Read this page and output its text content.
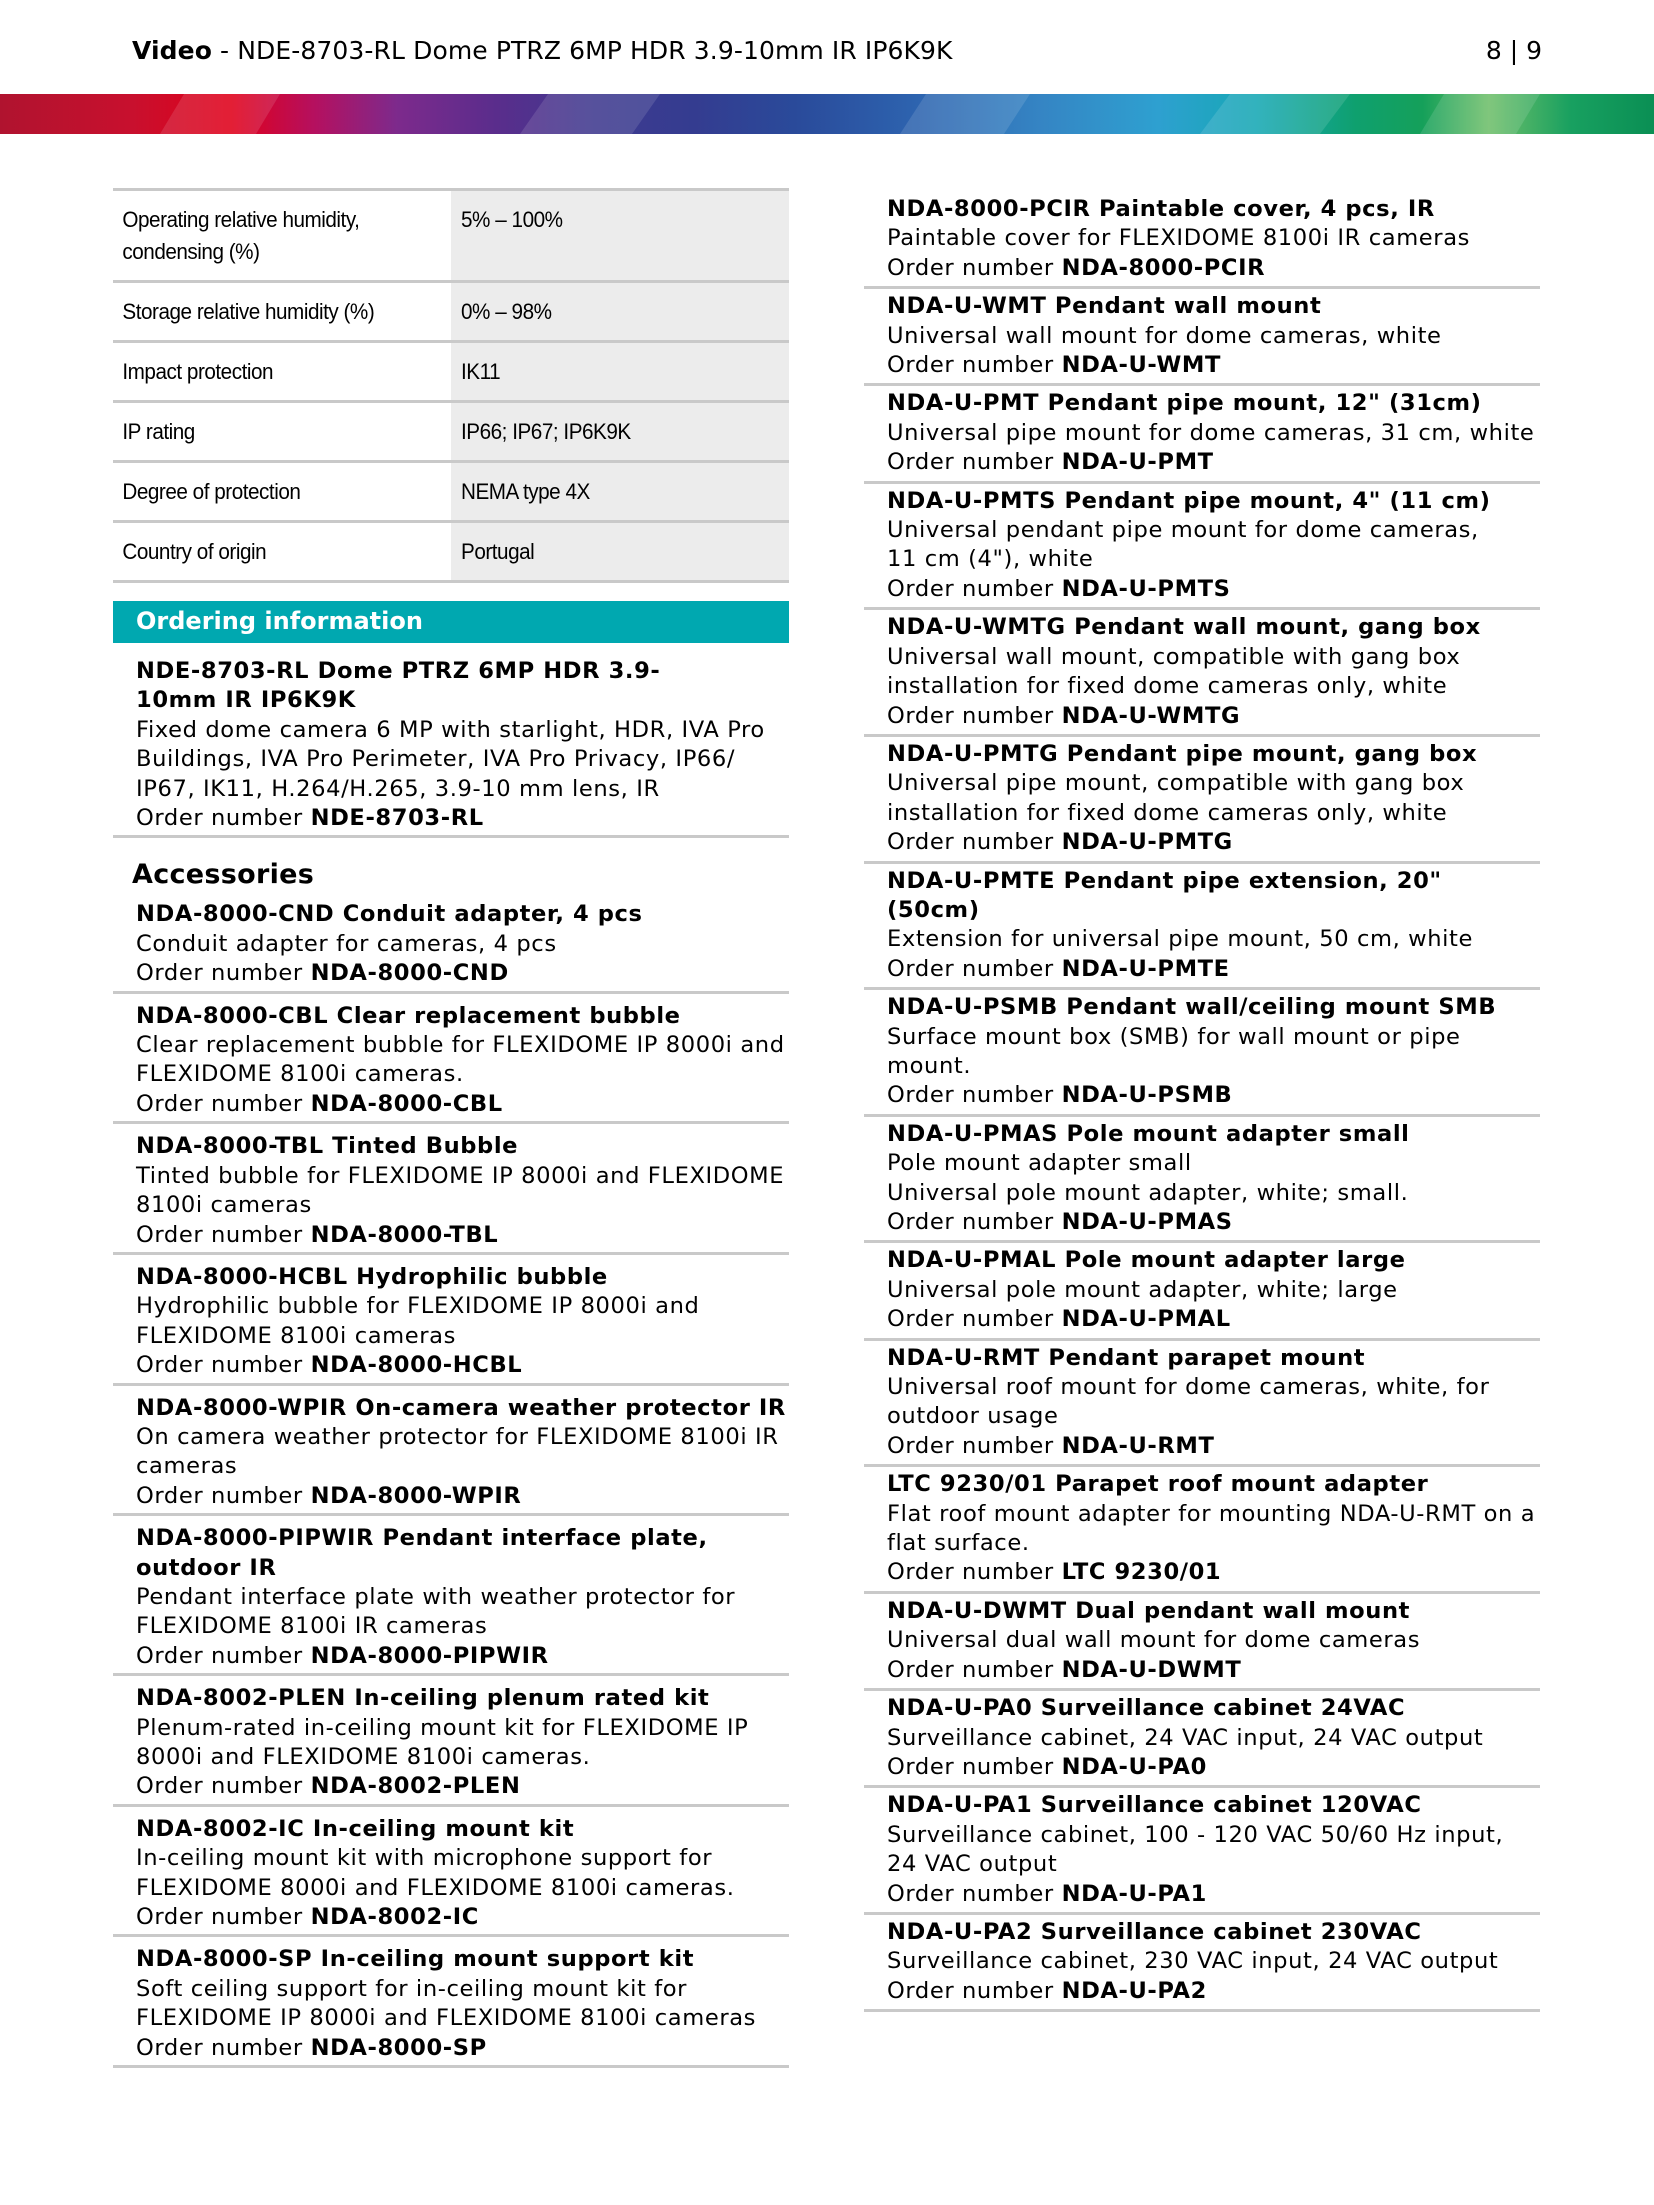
Video - NDE-8703-RL Dome PTRZ 6MP HDR 3.9-10mm IR IP6K9K	8 | 9
Operating relative humidity, condensing (%)	5% – 100%
Storage relative humidity (%)	0% – 98%
Impact protection	IK11
IP rating	IP66; IP67; IP6K9K
Degree of protection	NEMA type 4X
Country of origin	Portugal
Ordering information
NDE-8703-RL Dome PTRZ 6MP HDR 3.9-10mm IR IP6K9K
Fixed dome camera 6 MP with starlight, HDR, IVA Pro Buildings, IVA Pro Perimeter, IVA Pro Privacy, IP66/ IP67, IK11, H.264/H.265, 3.9-10 mm lens, IR
Order number NDE-8703-RL
Accessories
NDA-8000-CND Conduit adapter, 4 pcs
Conduit adapter for cameras, 4 pcs
Order number NDA-8000-CND
NDA-8000-CBL Clear replacement bubble
Clear replacement bubble for FLEXIDOME IP 8000i and
FLEXIDOME 8100i cameras.
Order number NDA-8000-CBL
NDA-8000-TBL Tinted Bubble
Tinted bubble for FLEXIDOME IP 8000i and FLEXIDOME
8100i cameras
Order number NDA-8000-TBL
NDA-8000-HCBL Hydrophilic bubble
Hydrophilic bubble for FLEXIDOME IP 8000i and
FLEXIDOME 8100i cameras
Order number NDA-8000-HCBL
NDA-8000-WPIR On-camera weather protector IR
On camera weather protector for FLEXIDOME 8100i IR
cameras
Order number NDA-8000-WPIR
NDA-8000-PIPWIR Pendant interface plate, outdoor IR
Pendant interface plate with weather protector for
FLEXIDOME 8100i IR cameras
Order number NDA-8000-PIPWIR
NDA-8002-PLEN In-ceiling plenum rated kit
Plenum-rated in-ceiling mount kit for FLEXIDOME IP
8000i and FLEXIDOME 8100i cameras.
Order number NDA-8002-PLEN
NDA-8002-IC In-ceiling mount kit
In-ceiling mount kit with microphone support for
FLEXIDOME 8000i and FLEXIDOME 8100i cameras.
Order number NDA-8002-IC
NDA-8000-SP In-ceiling mount support kit
Soft ceiling support for in-ceiling mount kit for
FLEXIDOME IP 8000i and FLEXIDOME 8100i cameras
Order number NDA-8000-SP
NDA-8000-PCIR Paintable cover, 4 pcs, IR
Paintable cover for FLEXIDOME 8100i IR cameras
Order number NDA-8000-PCIR
NDA-U-WMT Pendant wall mount
Universal wall mount for dome cameras, white
Order number NDA-U-WMT
NDA-U-PMT Pendant pipe mount, 12" (31cm)
Universal pipe mount for dome cameras, 31 cm, white
Order number NDA-U-PMT
NDA-U-PMTS Pendant pipe mount, 4" (11 cm)
Universal pendant pipe mount for dome cameras,
11 cm (4"), white
Order number NDA-U-PMTS
NDA-U-WMTG Pendant wall mount, gang box
Universal wall mount, compatible with gang box
installation for fixed dome cameras only, white
Order number NDA-U-WMTG
NDA-U-PMTG Pendant pipe mount, gang box
Universal pipe mount, compatible with gang box
installation for fixed dome cameras only, white
Order number NDA-U-PMTG
NDA-U-PMTE Pendant pipe extension, 20" (50cm)
Extension for universal pipe mount, 50 cm, white
Order number NDA-U-PMTE
NDA-U-PSMB Pendant wall/ceiling mount SMB
Surface mount box (SMB) for wall mount or pipe
mount.
Order number NDA-U-PSMB
NDA-U-PMAS Pole mount adapter small
Pole mount adapter small
Universal pole mount adapter, white; small.
Order number NDA-U-PMAS
NDA-U-PMAL Pole mount adapter large
Universal pole mount adapter, white; large
Order number NDA-U-PMAL
NDA-U-RMT Pendant parapet mount
Universal roof mount for dome cameras, white, for
outdoor usage
Order number NDA-U-RMT
LTC 9230/01 Parapet roof mount adapter
Flat roof mount adapter for mounting NDA-U-RMT on a
flat surface.
Order number LTC 9230/01
NDA-U-DWMT Dual pendant wall mount
Universal dual wall mount for dome cameras
Order number NDA-U-DWMT
NDA-U-PA0 Surveillance cabinet 24VAC
Surveillance cabinet, 24 VAC input, 24 VAC output
Order number NDA-U-PA0
NDA-U-PA1 Surveillance cabinet 120VAC
Surveillance cabinet, 100 - 120 VAC 50/60 Hz input,
24 VAC output
Order number NDA-U-PA1
NDA-U-PA2 Surveillance cabinet 230VAC
Surveillance cabinet, 230 VAC input, 24 VAC output
Order number NDA-U-PA2
